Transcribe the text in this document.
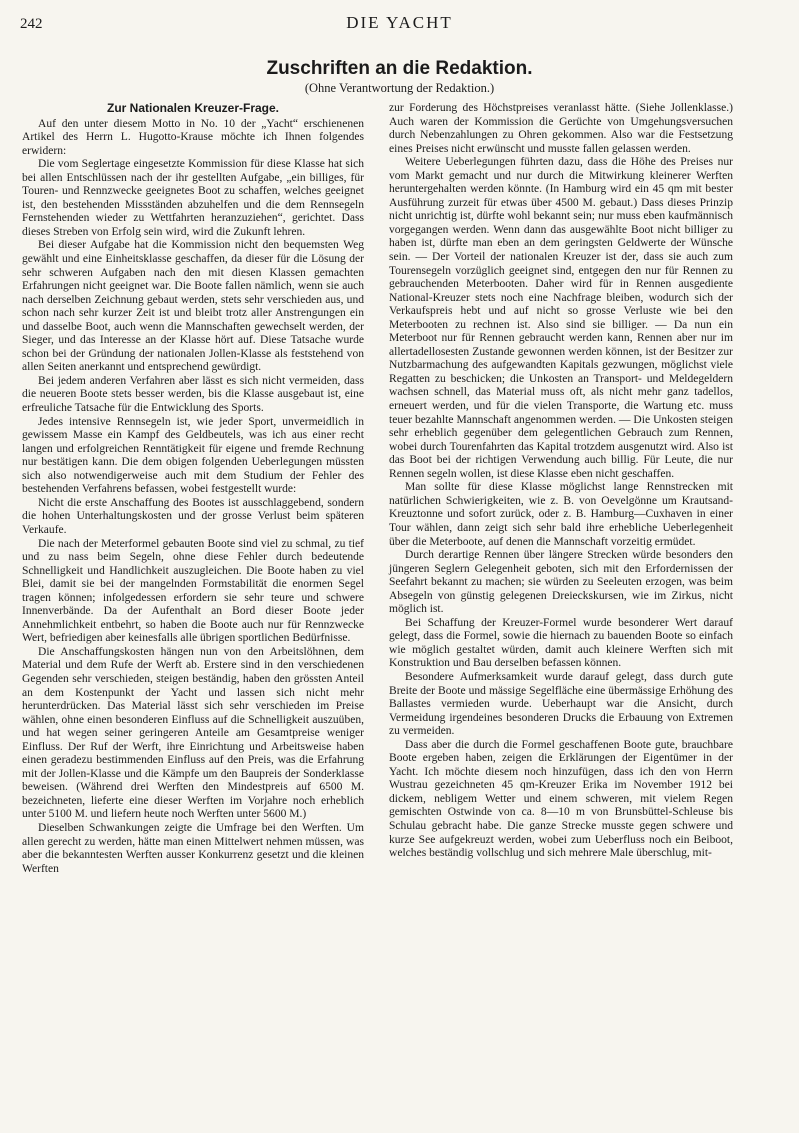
242	DIE YACHT
Zuschriften an die Redaktion.
(Ohne Verantwortung der Redaktion.)
Zur Nationalen Kreuzer-Frage.

Auf den unter diesem Motto in No. 10 der „Yacht“ erschienenen Artikel des Herrn L. Hugotto-Krause möchte ich Ihnen folgendes erwidern:

Die vom Seglertage eingesetzte Kommission für diese Klasse hat sich bei allen Entschlüssen nach der ihr gestellten Aufgabe, „ein billiges, für Touren- und Rennzwecke geeignetes Boot zu schaffen, welches geeignet ist, den bestehenden Missständen abzuhelfen und die dem Rennsegeln Fernstehenden wieder zu Wettfahrten heranzuziehen“, gerichtet. Dass dieses Streben von Erfolg sein wird, wird die Zukunft lehren.

Bei dieser Aufgabe hat die Kommission nicht den bequemsten Weg gewählt und eine Einheitsklasse geschaffen, da dieser für die Lösung der sehr schweren Aufgaben nach den mit diesen Klassen gemachten Erfahrungen nicht geeignet war. Die Boote fallen nämlich, wenn sie auch nach derselben Zeichnung gebaut werden, stets sehr verschieden aus, und schon nach sehr kurzer Zeit ist und bleibt trotz aller Anstrengungen ein und dasselbe Boot, auch wenn die Mannschaften gewechselt werden, der Sieger, und das Interesse an der Klasse hört auf. Diese Tatsache wurde schon bei der Gründung der nationalen Jollen-Klasse als feststehend von allen Seiten anerkannt und entsprechend gewürdigt.

Bei jedem anderen Verfahren aber lässt es sich nicht vermeiden, dass die neueren Boote stets besser werden, bis die Klasse ausgebaut ist, eine erfreuliche Tatsache für die Entwicklung des Sports.

Jedes intensive Rennsegeln ist, wie jeder Sport, unvermeidlich in gewissem Masse ein Kampf des Geldbeutels, was ich aus einer recht langen und erfolgreichen Renntätigkeit für eigene und fremde Rechnung nur bestätigen kann. Die dem obigen folgenden Ueberlegungen müssten sich also notwendigerweise auch mit dem Studium der Fehler des bestehenden Verfahrens befassen, wobei festgestellt wurde:

Nicht die erste Anschaffung des Bootes ist ausschlaggebend, sondern die hohen Unterhaltungskosten und der grosse Verlust beim späteren Verkaufe.

Die nach der Meterformel gebauten Boote sind viel zu schmal, zu tief und zu nass beim Segeln, ohne diese Fehler durch bedeutende Schnelligkeit und Handlichkeit auszugleichen. Die Boote haben zu viel Blei, damit sie bei der mangelnden Formstabilität die enormen Segel tragen können; infolgedessen erfordern sie sehr teure und schwere Innenverbände. Da der Aufenthalt an Bord dieser Boote jeder Annehmlichkeit entbehrt, so haben die Boote auch nur für Rennzwecke Wert, befriedigen aber keinesfalls alle übrigen sportlichen Bedürfnisse.

Die Anschaffungskosten hängen nun von den Arbeitslöhnen, dem Material und dem Rufe der Werft ab. Erstere sind in den verschiedenen Gegenden sehr verschieden, steigen beständig, haben den grössten Anteil an dem Kostenpunkt der Yacht und lassen sich nicht mehr herunterdrücken. Das Material lässt sich sehr verschieden im Preise wählen, ohne einen besonderen Einfluss auf die Schnelligkeit auszuüben, und hat wegen seiner geringeren Anteile am Gesamtpreise weniger Einfluss. Der Ruf der Werft, ihre Einrichtung und Arbeitsweise haben einen geradezu bestimmenden Einfluss auf den Preis, was die Erfahrung mit der Jollen-Klasse und die Kämpfe um den Baupreis der Sonderklasse beweisen. (Während drei Werften den Mindestpreis auf 6500 M. bezeichneten, lieferte eine dieser Werften im Vorjahre noch erheblich unter 5100 M. und liefern heute noch Werften unter 5600 M.)

Dieselben Schwankungen zeigte die Umfrage bei den Werften. Um allen gerecht zu werden, hätte man einen Mittelwert nehmen müssen, was aber die bekanntesten Werften ausser Konkurrenz gesetzt und die kleinen Werften

zur Forderung des Höchstpreises veranlasst hätte. (Siehe Jollenklasse.) Auch waren der Kommission die Gerüchte von Umgehungsversuchen durch Nebenzahlungen zu Ohren gekommen. Also war die Festsetzung eines Preises nicht erwünscht und musste fallen gelassen werden.

Weitere Ueberlegungen führten dazu, dass die Höhe des Preises nur vom Markt gemacht und nur durch die Mitwirkung kleinerer Werften heruntergehalten werden könnte. (In Hamburg wird ein 45 qm mit bester Ausführung zurzeit für etwas über 4500 M. gebaut.) Dass dieses Prinzip nicht unrichtig ist, dürfte wohl bekannt sein; nur muss eben kaufmännisch vorgegangen werden. Wenn dann das ausgewählte Boot nicht billiger zu haben ist, dürfte man eben an dem geringsten Geldwerte der Wünsche sein. — Der Vorteil der nationalen Kreuzer ist der, dass sie auch zum Tourensegeln vorzüglich geeignet sind, entgegen den nur für Rennen zu gebrauchenden Meterbooten. Daher wird für in Rennen ausgediente National-Kreuzer stets noch eine Nachfrage bleiben, wodurch sich der Verkaufspreis hebt und auf nicht so grosse Verluste wie bei den Meterbooten zu rechnen ist. Also sind sie billiger. — Da nun ein Meterboot nur für Rennen gebraucht werden kann, Rennen aber nur im allertadellosesten Zustande gewonnen werden können, ist der Besitzer zur Nutzbarmachung des aufgewandten Kapitals gezwungen, möglichst viele Regatten zu beschicken; die Unkosten an Transport- und Meldegeldern wachsen schnell, das Material muss oft, als nicht mehr ganz tadellos, erneuert werden, und für die vielen Transporte, die Wartung etc. muss teuer bezahlte Mannschaft angenommen werden. — Die Unkosten steigen sehr erheblich gegenüber dem gelegentlichen Gebrauch zum Rennen, wobei durch Tourenfahrten das Kapital trotzdem ausgenutzt wird. Also ist das Boot bei der richtigen Verwendung auch billig. Für Leute, die nur Rennen segeln wollen, ist diese Klasse eben nicht geschaffen.

Man sollte für diese Klasse möglichst lange Rennstrecken mit natürlichen Schwierigkeiten, wie z. B. von Oevelgönne um Krautsand-Kreuztonne und sofort zurück, oder z. B. Hamburg—Cuxhaven in einer Tour wählen, dann zeigt sich sehr bald ihre erhebliche Ueberlegenheit über die Meterboote, auf denen die Mannschaft vorzeitig ermüdet.

Durch derartige Rennen über längere Strecken würde besonders den jüngeren Seglern Gelegenheit geboten, sich mit den Erfordernissen der Seefahrt bekannt zu machen; sie würden zu Seeleuten erzogen, was beim Absegeln von günstig gelegenen Dreieckskursen, wie im Zirkus, nicht möglich ist.

Bei Schaffung der Kreuzer-Formel wurde besonderer Wert darauf gelegt, dass die Formel, sowie die hiernach zu bauenden Boote so einfach wie möglich gestaltet würden, damit auch kleinere Werften sich mit Konstruktion und Bau derselben befassen können.

Besondere Aufmerksamkeit wurde darauf gelegt, dass durch gute Breite der Boote und mässige Segelfläche eine übermässige Erhöhung des Ballastes vermieden wurde. Ueberhaupt war die Ansicht, durch Vermeidung irgendeines besonderen Drucks die Erbauung von Extremen zu vermeiden.

Dass aber die durch die Formel geschaffenen Boote gute, brauchbare Boote ergeben haben, zeigen die Erklärungen der Eigentümer in der Yacht. Ich möchte diesem noch hinzufügen, dass ich den von Herrn Wustrau gezeichneten 45 qm-Kreuzer Erika im November 1912 bei dickem, nebligem Wetter und einem schweren, mit vielem Regen gemischten Ostwinde von ca. 8—10 m von Brunsbüttel-Schleuse bis Schulau gebracht habe. Die ganze Strecke musste gegen schwere und kurze See aufgekreuzt werden, wobei zum Ueberfluss noch ein Beiboot, welches beständig vollschlug und sich mehrere Male überschlug, mit-
